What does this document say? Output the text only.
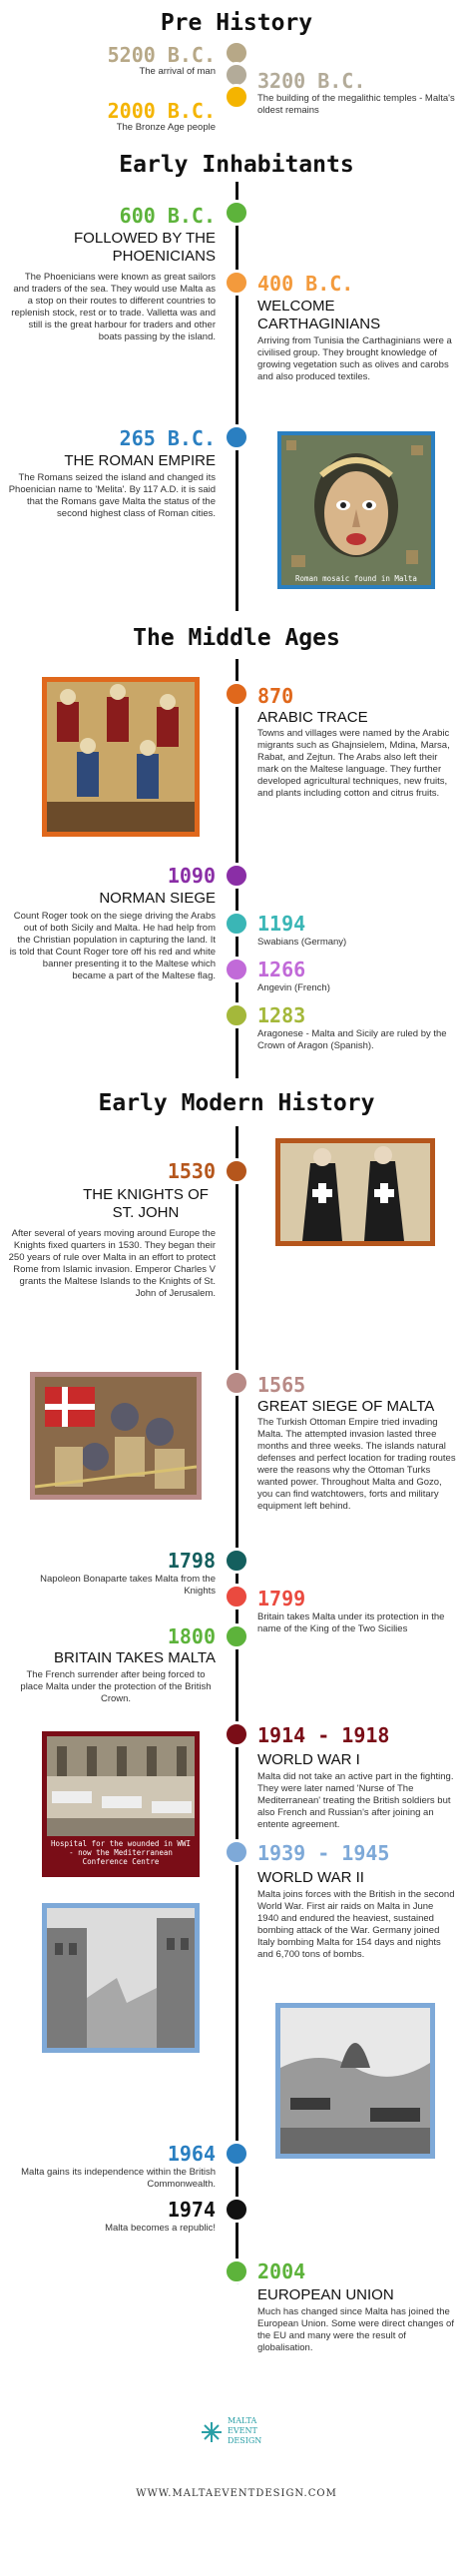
Pre History
5200 B.C.
The arrival of man 3200 B.C.
The building of the megalithic temples - Malta's oldest remains
2000 B.C.
The Bronze Age people
Early Inhabitants
600 B.C.
FOLLOWED BY THE PHOENICIANS
The Phoenicians were known as great sailors and traders of the sea. They would use Malta as a stop on their routes to different countries to replenish stock, rest or to trade. Valletta was and still is the great harbour for traders and other boats passing by the island.
400 B.C.
WELCOME CARTHAGINIANS
Arriving from Tunisia the Carthaginians were a civilised group. They brought knowledge of growing vegetation such as olives and carobs and also produced textiles.
265 B.C.
THE ROMAN EMPIRE
The Romans seized the island and changed its Phoenician name to 'Melita'. By 117 A.D. it is said that the Romans gave Malta the status of the second highest class of Roman cities.
Roman mosaic found in Malta
The Middle Ages
870
ARABIC TRACE
Towns and villages were named by the Arabic migrants such as Ghajnsielem, Mdina, Marsa, Rabat, and Zejtun. The Arabs also left their mark on the Maltese language. They further developed agricultural techniques, new fruits, and plants including cotton and citrus fruits.
1090
NORMAN SIEGE
Count Roger took on the siege driving the Arabs out of both Sicily and Malta. He had help from the Christian population in capturing the land. It is told that Count Roger tore off his red and white banner presenting it to the Maltese which became a part of the Maltese flag.
1194
Swabians (Germany)
1266
Angevin (French)
1283
Aragonese - Malta and Sicily are ruled by the Crown of Aragon (Spanish).
Early Modern History
1530
THE KNIGHTS OF ST. JOHN
After several of years moving around Europe the Knights fixed quarters in 1530. They began their 250 years of rule over Malta in an effort to protect Rome from Islamic invasion. Emperor Charles V grants the Maltese Islands to the Knights of St. John of Jerusalem.
1565
GREAT SIEGE OF MALTA
The Turkish Ottoman Empire tried invading Malta. The attempted invasion lasted three months and three weeks. The islands natural defenses and perfect location for trading routes were the reasons why the Ottoman Turks wanted power. Throughout Malta and Gozo, you can find watchtowers, forts and military equipment left behind.
1798
Napoleon Bonaparte takes Malta from the Knights 1799
Britain takes Malta under its protection in the name of the King of the Two Sicilies
1800
BRITAIN TAKES MALTA
The French surrender after being forced to place Malta under the protection of the British Crown.
1914 - 1918
WORLD WAR I
Malta did not take an active part in the fighting. They were later named 'Nurse of The Mediterranean' treating the British soldiers but also French and Russian's after joining an entente agreement.
Hospital for the wounded in WWI - now the Mediterranean Conference Centre	1939 - 1945
WORLD WAR II
Malta joins forces with the British in the second World War. First air raids on Malta in June 1940 and endured the heaviest, sustained bombing attack of the War. Germany joined Italy bombing Malta for 154 days and nights and 6,700 tons of bombs.
1964
Malta gains its independence within the British Commonwealth.
1974
Malta becomes a republic!
2004
EUROPEAN UNION
Much has changed since Malta has joined the European Union. Some were direct changes of the EU and many were the result of globalisation.
MALTA EVENT DESIGN
WWW.MALTAEVENTDESIGN.COM
